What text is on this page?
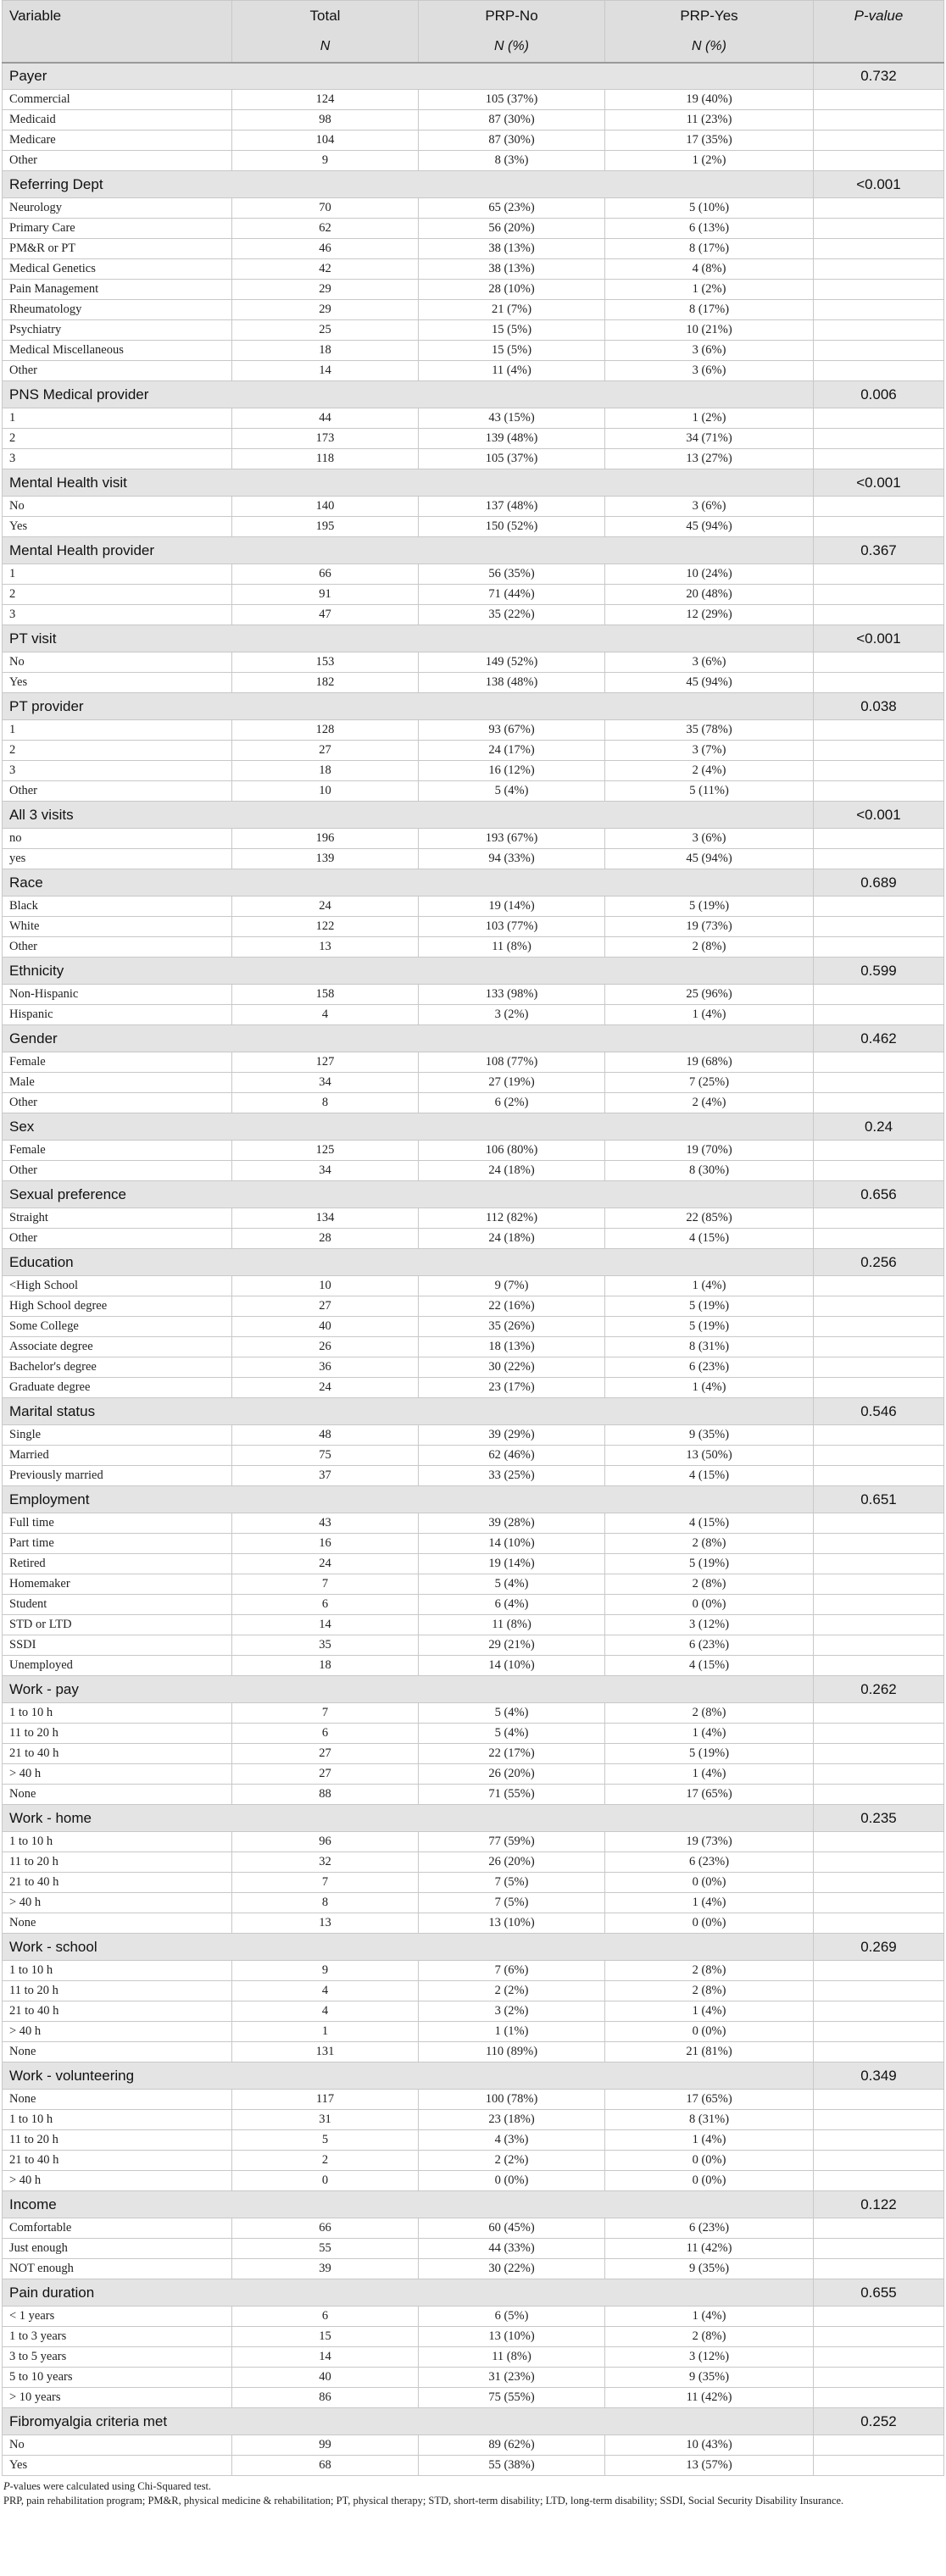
Variable	Total	PRP-No	PRP-Yes	P-value
	N	N (%)	N (%)	
Payer				0.732
Commercial	124	105 (37%)	19 (40%)	
Medicaid	98	87 (30%)	11 (23%)	
Medicare	104	87 (30%)	17 (35%)	
Other	9	8 (3%)	1 (2%)	
Referring Dept				<0.001
Neurology	70	65 (23%)	5 (10%)	
Primary Care	62	56 (20%)	6 (13%)	
PM&R or PT	46	38 (13%)	8 (17%)	
Medical Genetics	42	38 (13%)	4 (8%)	
Pain Management	29	28 (10%)	1 (2%)	
Rheumatology	29	21 (7%)	8 (17%)	
Psychiatry	25	15 (5%)	10 (21%)	
Medical Miscellaneous	18	15 (5%)	3 (6%)	
Other	14	11 (4%)	3 (6%)	
PNS Medical provider				0.006
1	44	43 (15%)	1 (2%)	
2	173	139 (48%)	34 (71%)	
3	118	105 (37%)	13 (27%)	
Mental Health visit				<0.001
No	140	137 (48%)	3 (6%)	
Yes	195	150 (52%)	45 (94%)	
Mental Health provider				0.367
1	66	56 (35%)	10 (24%)	
2	91	71 (44%)	20 (48%)	
3	47	35 (22%)	12 (29%)	
PT visit				<0.001
No	153	149 (52%)	3 (6%)	
Yes	182	138 (48%)	45 (94%)	
PT provider				0.038
1	128	93 (67%)	35 (78%)	
2	27	24 (17%)	3 (7%)	
3	18	16 (12%)	2 (4%)	
Other	10	5 (4%)	5 (11%)	
All 3 visits				<0.001
no	196	193 (67%)	3 (6%)	
yes	139	94 (33%)	45 (94%)	
Race				0.689
Black	24	19 (14%)	5 (19%)	
White	122	103 (77%)	19 (73%)	
Other	13	11 (8%)	2 (8%)	
Ethnicity				0.599
Non-Hispanic	158	133 (98%)	25 (96%)	
Hispanic	4	3 (2%)	1 (4%)	
Gender				0.462
Female	127	108 (77%)	19 (68%)	
Male	34	27 (19%)	7 (25%)	
Other	8	6 (2%)	2 (4%)	
Sex				0.24
Female	125	106 (80%)	19 (70%)	
Other	34	24 (18%)	8 (30%)	
Sexual preference				0.656
Straight	134	112 (82%)	22 (85%)	
Other	28	24 (18%)	4 (15%)	
Education				0.256
<High School	10	9 (7%)	1 (4%)	
High School degree	27	22 (16%)	5 (19%)	
Some College	40	35 (26%)	5 (19%)	
Associate degree	26	18 (13%)	8 (31%)	
Bachelor's degree	36	30 (22%)	6 (23%)	
Graduate degree	24	23 (17%)	1 (4%)	
Marital status				0.546
Single	48	39 (29%)	9 (35%)	
Married	75	62 (46%)	13 (50%)	
Previously married	37	33 (25%)	4 (15%)	
Employment				0.651
Full time	43	39 (28%)	4 (15%)	
Part time	16	14 (10%)	2 (8%)	
Retired	24	19 (14%)	5 (19%)	
Homemaker	7	5 (4%)	2 (8%)	
Student	6	6 (4%)	0 (0%)	
STD or LTD	14	11 (8%)	3 (12%)	
SSDI	35	29 (21%)	6 (23%)	
Unemployed	18	14 (10%)	4 (15%)	
Work - pay				0.262
1 to 10 h	7	5 (4%)	2 (8%)	
11 to 20 h	6	5 (4%)	1 (4%)	
21 to 40 h	27	22 (17%)	5 (19%)	
> 40 h	27	26 (20%)	1 (4%)	
None	88	71 (55%)	17 (65%)	
Work - home				0.235
1 to 10 h	96	77 (59%)	19 (73%)	
11 to 20 h	32	26 (20%)	6 (23%)	
21 to 40 h	7	7 (5%)	0 (0%)	
> 40 h	8	7 (5%)	1 (4%)	
None	13	13 (10%)	0 (0%)	
Work - school				0.269
1 to 10 h	9	7 (6%)	2 (8%)	
11 to 20 h	4	2 (2%)	2 (8%)	
21 to 40 h	4	3 (2%)	1 (4%)	
> 40 h	1	1 (1%)	0 (0%)	
None	131	110 (89%)	21 (81%)	
Work - volunteering				0.349
None	117	100 (78%)	17 (65%)	
1 to 10 h	31	23 (18%)	8 (31%)	
11 to 20 h	5	4 (3%)	1 (4%)	
21 to 40 h	2	2 (2%)	0 (0%)	
> 40 h	0	0 (0%)	0 (0%)	
Income				0.122
Comfortable	66	60 (45%)	6 (23%)	
Just enough	55	44 (33%)	11 (42%)	
NOT enough	39	30 (22%)	9 (35%)	
Pain duration				0.655
< 1 years	6	6 (5%)	1 (4%)	
1 to 3 years	15	13 (10%)	2 (8%)	
3 to 5 years	14	11 (8%)	3 (12%)	
5 to 10 years	40	31 (23%)	9 (35%)	
> 10 years	86	75 (55%)	11 (42%)	
Fibromyalgia criteria met				0.252
No	99	89 (62%)	10 (43%)	
Yes	68	55 (38%)	13 (57%)	
P-values were calculated using Chi-Squared test.
PRP, pain rehabilitation program; PM&R, physical medicine & rehabilitation; PT, physical therapy; STD, short-term disability; LTD, long-term disability; SSDI, Social Security Disability Insurance.
